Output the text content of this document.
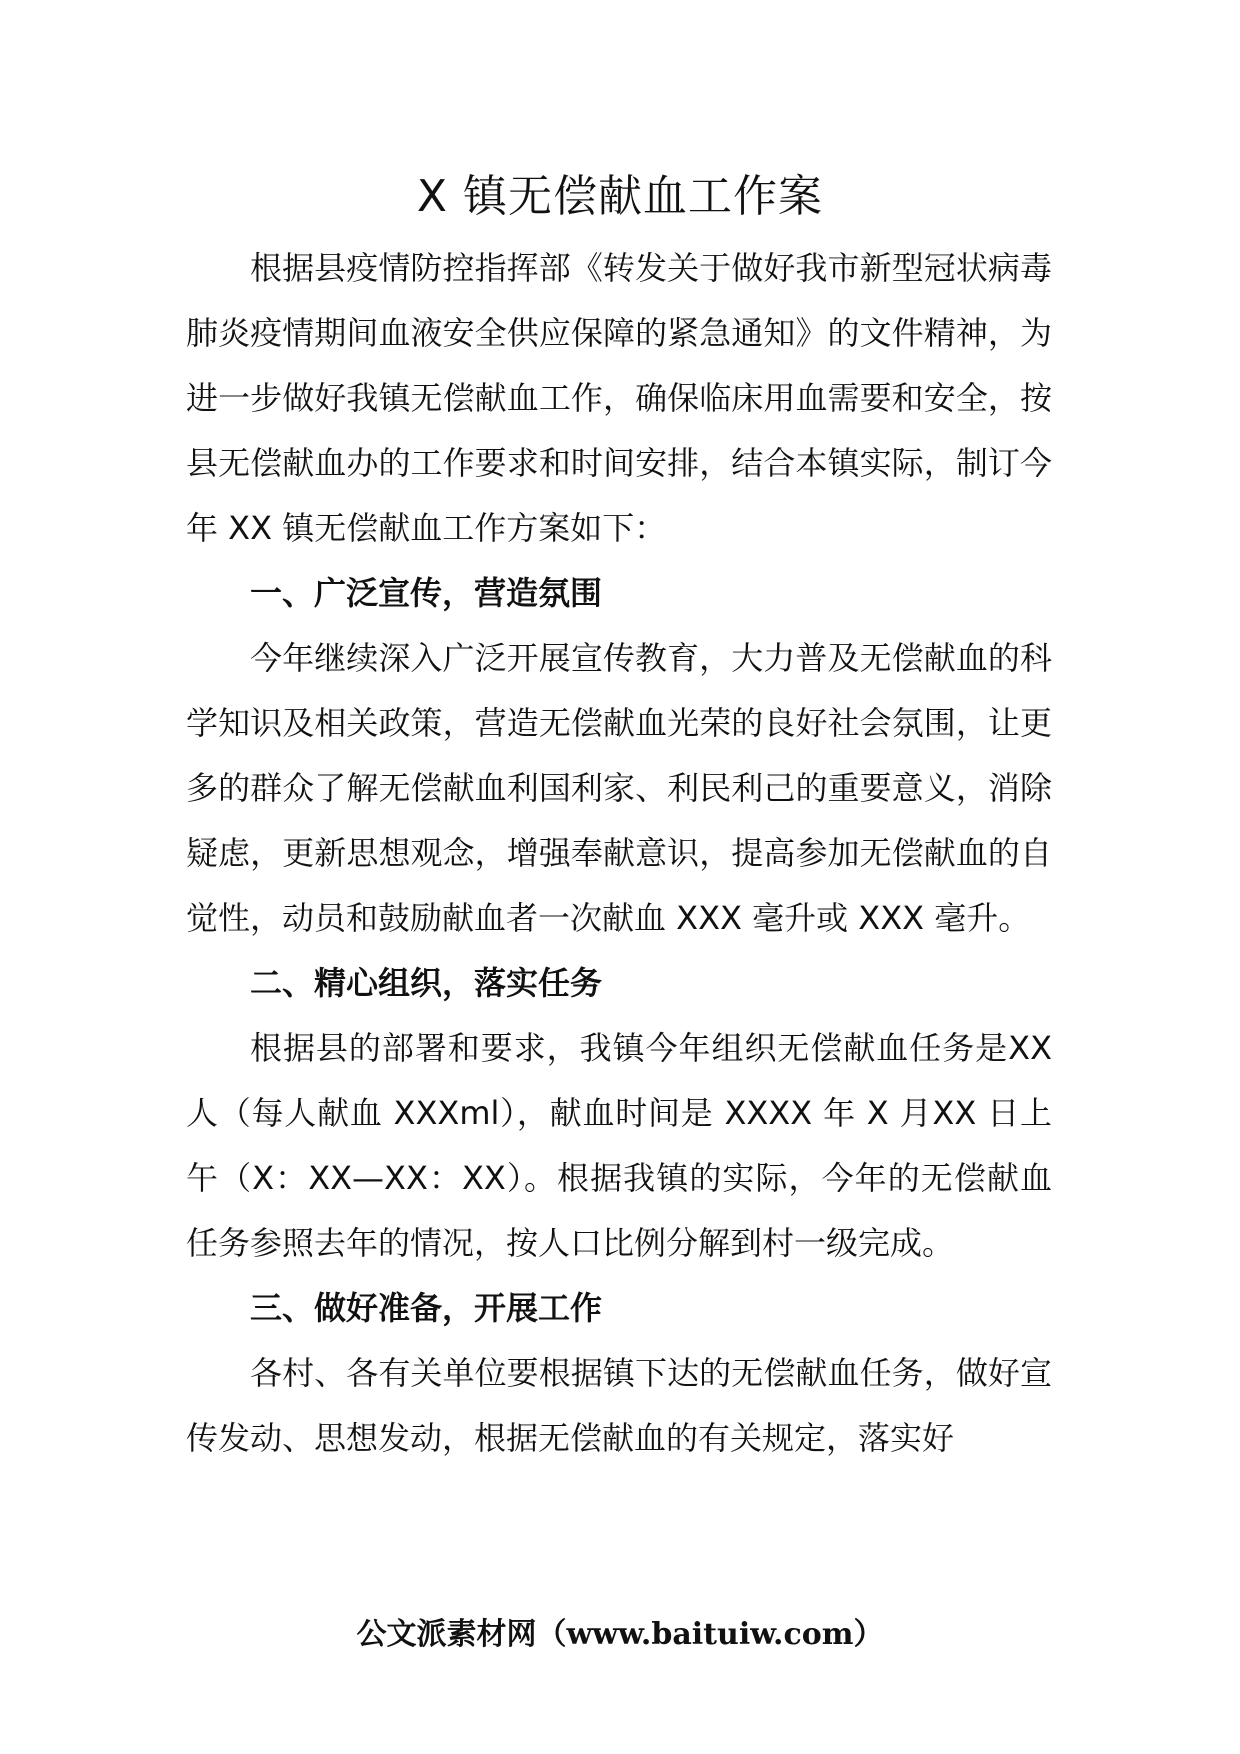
X 镇无偿献血工作案

根据县疫情防控指挥部《转发关于做好我市新型冠状病毒肺炎疫情期间血液安全供应保障的紧急通知》的文件精神，为进一步做好我镇无偿献血工作，确保临床用血需要和安全，按县无偿献血办的工作要求和时间安排，结合本镇实际，制订今年 XX 镇无偿献血工作方案如下：

一、广泛宣传，营造氛围

今年继续深入广泛开展宣传教育，大力普及无偿献血的科学知识及相关政策，营造无偿献血光荣的良好社会氛围，让更多的群众了解无偿献血利国利家、利民利己的重要意义，消除疑虑，更新思想观念，增强奉献意识，提高参加无偿献血的自觉性，动员和鼓励献血者一次献血 XXX 毫升或 XXX 毫升。

二、精心组织，落实任务

根据县的部署和要求，我镇今年组织无偿献血任务是XX 人（每人献血 XXXml），献血时间是 XXXX 年 X 月XX 日上午（X：XX—XX：XX）。根据我镇的实际，今年的无偿献血任务参照去年的情况，按人口比例分解到村一级完成。

三、做好准备，开展工作

各村、各有关单位要根据镇下达的无偿献血任务，做好宣传发动、思想发动，根据无偿献血的有关规定，落实好

公文派素材网（www.baituiw.com）
